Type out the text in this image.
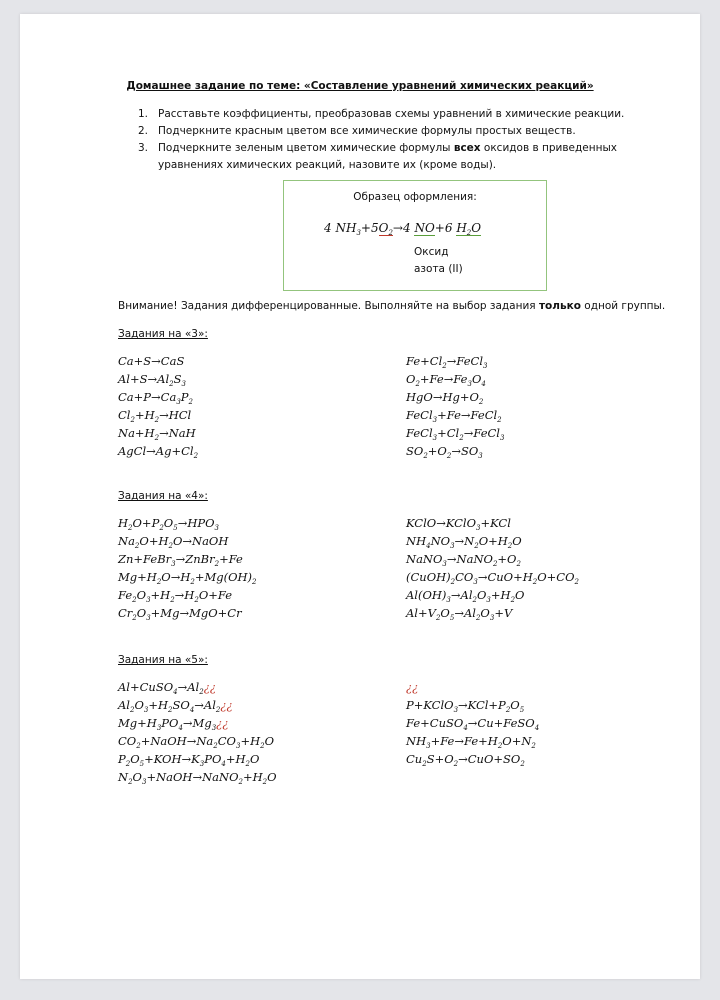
Домашнее задание по теме: «Составление уравнений химических реакций»
1. Расставьте коэффициенты, преобразовав схемы уравнений в химические реакции.
2. Подчеркните красным цветом все химические формулы простых веществ.
3. Подчеркните зеленым цветом химические формулы всех оксидов в приведенных уравнениях химических реакций, назовите их (кроме воды).
Образец оформления:
4 $NH_3+5O_2\to 4$ NO+6 $H_2O$
Оксид
азота (II)
Внимание! Задания дифференцированные. Выполняйте на выбор задания только одной группы.
Задания на «3»:
Ca+S→CaS
$Al+S\to Al_2S_3$
$Ca+P\to Ca_3P_2$
$Cl_2+H_2\to HCl$
$Na+H_2\to NaH$
$AgCl\to Ag+Cl_2$
$Fe+Cl_2\to FeCl_3$
$O_2+Fe\to Fe_3O_4$
$HgO\to Hg+O_2$
FeCl$_3$+Fe→FeCl$_2$
$FeCl_3+Cl_2\to FeCl_3$
$SO_2+O_2\to SO_3$
Задания на «4»:
$H_2O+P_2O_5\to HPO_3$
$Na_2O+H_2O\to NaOH$
Zn+FeBr$_3$→ZnBr$_2$+Fe
$Mg+H_2O\to H_2+Mg(OH)_2$
$Fe_2O_3+H_2\to H_2O+Fe$
$Cr_2O_3+Mg\to MgO+Cr$
KClO→KClO$_3$+KCl
$NH_4NO_3\to N_2O+H_2O$
$NaNO_3\to NaNO_2+O_2$
$(CuOH)_2CO_3\to CuO+H_2O+CO_2$
$Al(OH)_3\to Al_2O_3+H_2O$
$Al+V_2O_5\to Al_2O_3+V$
Задания на «5»:
$Al+CuSO_4\to Al_2¿¿$
$Al_2O_3+H_2SO_4\to Al_2¿¿$
$Mg+H_3PO_4\to Mg_3¿¿$
$CO_2+NaOH\to Na_2CO_3+H_2O$
$P_2O_5+KOH\to K_3PO_4+H_2O$
$N_2O_3+NaOH\to NaNO_2+H_2O$
¿¿
$P+KClO_3\to KCl+P_2O_5$
Fe+CuSO$_4$→Cu+FeSO$_4$
$NH_3+Fe\to Fe+H_2O+N_2$
$Cu_2S+O_2\to CuO+SO_2$
